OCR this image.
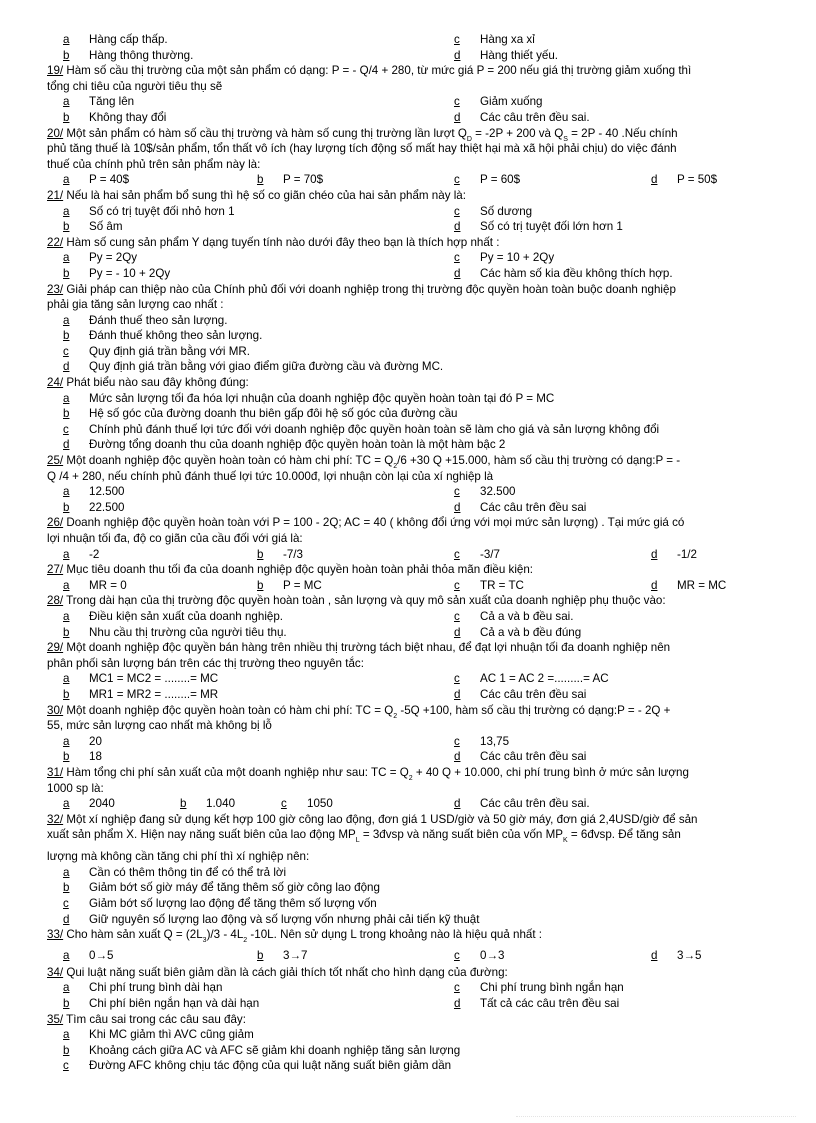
a Hàng cấp thấp.	c Hàng xa xỉ
b Hàng thông thường.	d Hàng thiết yếu.
19/ Hàm số cầu thị trường của một sản phẩm có dạng: P = - Q/4 + 280, từ mức giá P = 200 nếu giá thị trường giảm xuống thì
tổng chi tiêu của người tiêu thụ sẽ
a Tăng lên	c Giảm xuống
b Không thay đổi	d Các câu trên đều sai.
20/ Một sản phẩm có hàm số cầu thị trường và hàm số cung thị trường lần lượt $Q_D = -2P + 200$ và $Q_S = 2P - 40$ .Nếu chính
phủ tăng thuế là 10$/sản phẩm, tổn thất vô ích (hay lượng tích động số mất hay thiệt hại mà xã hội phải chịu) do việc đánh
thuế của chính phủ trên sản phẩm này là:
a P = 40$	b P = 70$	c P = 60$	d P = 50$
21/ Nếu là hai sản phẩm bổ sung thì hệ số co giãn chéo của hai sản phẩm này là:
a Số có trị tuyệt đối nhỏ hơn 1	c Số dương
b Số âm	d Số có trị tuyệt đối lớn hơn 1
22/ Hàm số cung sản phẩm Y dạng tuyến tính nào dưới đây theo bạn là thích hợp nhất :
a Py = 2Qy	c Py = 10 + 2Qy
b Py = - 10 + 2Qy	d Các hàm số kia đều không thích hợp.
23/ Giải pháp can thiệp nào của Chính phủ đối với doanh nghiệp trong thị trường độc quyền hoàn toàn buộc doanh nghiệp
phải gia tăng sản lượng cao nhất :
a Đánh thuế theo sản lượng.
b Đánh thuế không theo sản lượng.
c Quy định giá trần bằng với MR.
d Quy định giá trần bằng với giao điểm giữa đường cầu và đường MC.
24/ Phát biểu nào sau đây không đúng:
a Mức sản lượng tối đa hóa lợi nhuận của doanh nghiệp độc quyền hoàn toàn tại đó P = MC
b Hệ số góc của đường doanh thu biên gấp đôi hệ số góc của đường cầu
c Chính phủ đánh thuế lợi tức đối với doanh nghiệp độc quyền hoàn toàn sẽ làm cho giá và sản lượng không đổi
d Đường tổng doanh thu của doanh nghiệp độc quyền hoàn toàn là một hàm bậc 2
25/ Một doanh nghiệp độc quyền hoàn toàn có hàm chi phí: TC = $Q_2/6 +30$ Q +15.000, hàm số cầu thị trường có dạng:P = -
Q /4 + 280, nếu chính phủ đánh thuế lợi tức 10.000đ, lợi nhuận còn lại của xí nghiệp là
a 12.500	c 32.500
b 22.500	d Các câu trên đều sai
26/ Doanh nghiệp độc quyền hoàn toàn với P = 100 - 2Q; AC = 40 ( không đổi ứng với mọi mức sản lượng) . Tại mức giá có
lợi nhuận tối đa, độ co giãn của cầu đối với giá là:
a -2	b -7/3	c -3/7	d -1/2
27/ Mục tiêu doanh thu tối đa của doanh nghiệp độc quyền hoàn toàn phải thỏa mãn điều kiện:
a MR = 0	b P = MC	c TR = TC	d MR = MC
28/ Trong dài hạn của thị trường độc quyền hoàn toàn , sản lượng và quy mô sản xuất của doanh nghiệp phụ thuộc vào:
a Điều kiện sản xuất của doanh nghiệp.	c Cả a và b đều sai.
b Nhu cầu thị trường của người tiêu thụ.	d Cả a và b đều đúng
29/ Một doanh nghiệp độc quyền bán hàng trên nhiều thị trường tách biệt nhau, để đạt lợi nhuận tối đa doanh nghiệp nên
phân phối sản lượng bán trên các thị trường theo nguyên tắc:
a MC1 = MC2 = ........= MC	c AC 1 = AC 2 =.........= AC
b MR1 = MR2 = ........= MR	d Các câu trên đều sai
30/ Một doanh nghiệp độc quyền hoàn toàn có hàm chi phí: TC = $Q_2$ -5Q +100, hàm số cầu thị trường có dạng:P = - 2Q +
55, mức sản lượng cao nhất mà không bị lỗ
a 20	c 13,75
b 18	d Các câu trên đều sai
31/ Hàm tổng chi phí sản xuất của một doanh nghiệp như sau: TC = $Q_2 + 40$ Q + 10.000, chi phí trung bình ở mức sản lượng
1000 sp là:
a 2040	b 1.040	c 1050	d Các câu trên đều sai.
32/ Một xí nghiệp đang sử dụng kết hợp 100 giờ công lao động, đơn giá 1 USD/giờ và 50 giờ máy, đơn giá 2,4USD/giờ để sản
xuất sản phẩm X. Hiện nay năng suất biên của lao động $MP_L$ = 3đvsp và năng suất biên của vốn $MP_K$ = 6đvsp. Để tăng sản
lượng mà không cần tăng chi phí thì xí nghiệp nên:
a Cần có thêm thông tin để có thể trả lời
b Giảm bớt số giờ máy để tăng thêm số giờ công lao động
c Giảm bớt số lượng lao động để tăng thêm số lượng vốn
d Giữ nguyên số lượng lao động và số lượng vốn nhưng phải cải tiến kỹ thuật
33/ Cho hàm sản xuất $Q = (2L_3)/3 - 4L_2$ -10L. Nên sử dụng L trong khoảng nào là hiệu quả nhất :
a 0→5	b 3→7	c 0→3	d 3→5
34/ Qui luật năng suất biên giảm dần là cách giải thích tốt nhất cho hình dạng của đường:
a Chi phí trung bình dài hạn	c Chi phí trung bình ngắn hạn
b Chi phí biên ngắn hạn và dài hạn	d Tất cả các câu trên đều sai
35/ Tìm câu sai trong các câu sau đây:
a Khi MC giảm thì AVC cũng giảm
b Khoảng cách giữa AC và AFC sẽ giảm khi doanh nghiệp tăng sản lượng
c Đường AFC không chịu tác động của qui luật năng suất biên giảm dần
